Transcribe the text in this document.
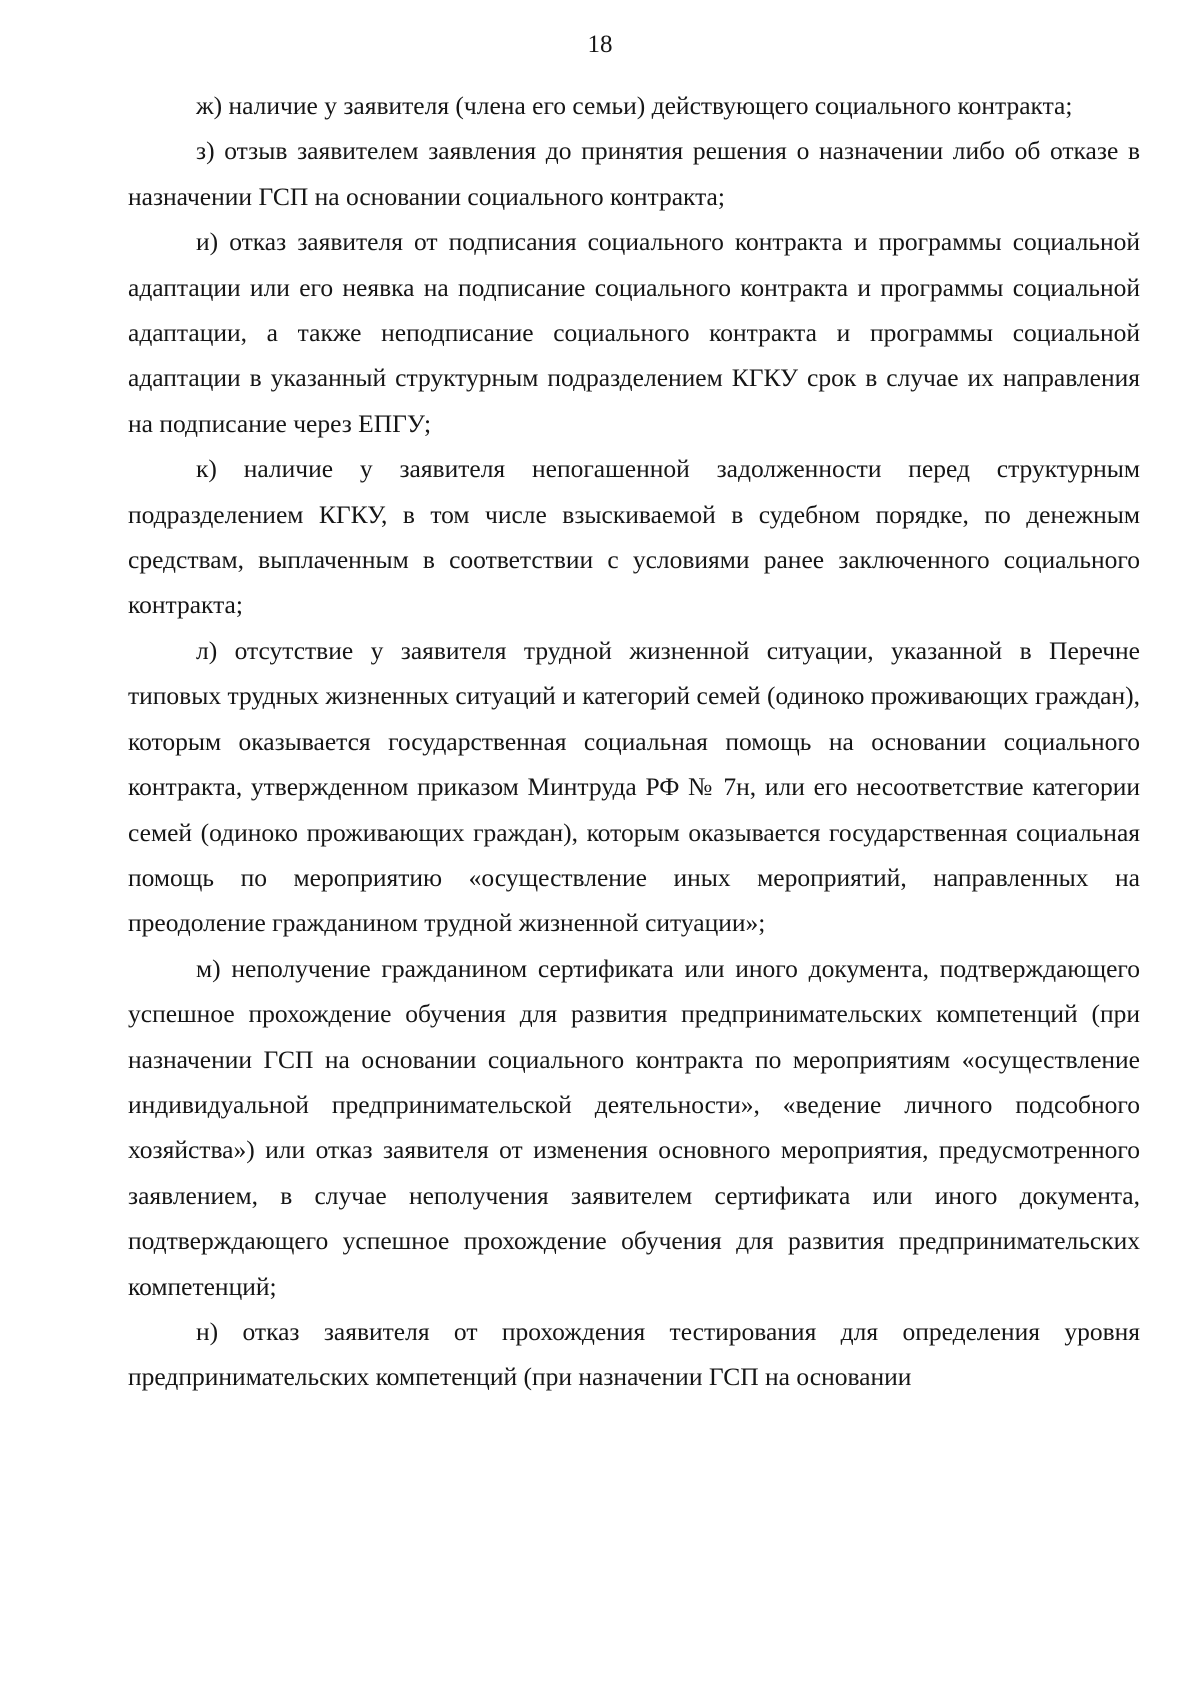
18

ж) наличие у заявителя (члена его семьи) действующего социального контракта;

з) отзыв заявителем заявления до принятия решения о назначении либо об отказе в назначении ГСП на основании социального контракта;

и) отказ заявителя от подписания социального контракта и программы социальной адаптации или его неявка на подписание социального контракта и программы социальной адаптации, а также неподписание социального контракта и программы социальной адаптации в указанный структурным подразделением КГКУ срок в случае их направления на подписание через ЕПГУ;

к) наличие у заявителя непогашенной задолженности перед структурным подразделением КГКУ, в том числе взыскиваемой в судебном порядке, по денежным средствам, выплаченным в соответствии с условиями ранее заключенного социального контракта;

л) отсутствие у заявителя трудной жизненной ситуации, указанной в Перечне типовых трудных жизненных ситуаций и категорий семей (одиноко проживающих граждан), которым оказывается государственная социальная помощь на основании социального контракта, утвержденном приказом Минтруда РФ № 7н, или его несоответствие категории семей (одиноко проживающих граждан), которым оказывается государственная социальная помощь по мероприятию «осуществление иных мероприятий, направленных на преодоление гражданином трудной жизненной ситуации»;

м) неполучение гражданином сертификата или иного документа, подтверждающего успешное прохождение обучения для развития предпринимательских компетенций (при назначении ГСП на основании социального контракта по мероприятиям «осуществление индивидуальной предпринимательской деятельности», «ведение личного подсобного хозяйства») или отказ заявителя от изменения основного мероприятия, предусмотренного заявлением, в случае неполучения заявителем сертификата или иного документа, подтверждающего успешное прохождение обучения для развития предпринимательских компетенций;

н) отказ заявителя от прохождения тестирования для определения уровня предпринимательских компетенций (при назначении ГСП на основании
